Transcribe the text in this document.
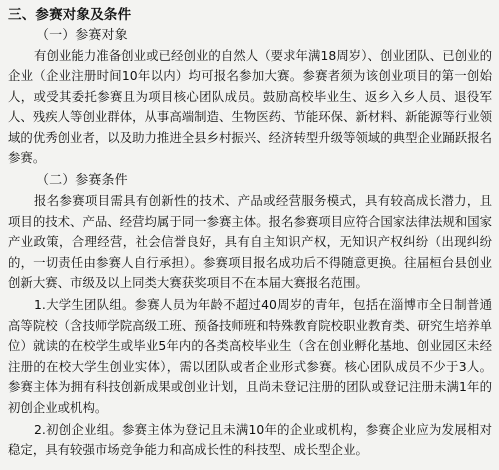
三、参赛对象及条件

（一）参赛对象

有创业能力准备创业或已经创业的自然人（要求年满18周岁）、创业团队、已创业的企业（企业注册时间10年以内）均可报名参加大赛。参赛者须为该创业项目的第一创始人，或受其委托参赛且为项目核心团队成员。鼓励高校毕业生、返乡入乡人员、退役军人、残疾人等创业群体，从事高端制造、生物医药、节能环保、新材料、新能源等行业领域的优秀创业者，以及助力推进全县乡村振兴、经济转型升级等领域的典型企业踊跃报名参赛。

（二）参赛条件

报名参赛项目需具有创新性的技术、产品或经营服务模式，具有较高成长潜力，且项目的技术、产品、经营均属于同一参赛主体。报名参赛项目应符合国家法律法规和国家产业政策，合理经营，社会信誉良好，具有自主知识产权，无知识产权纠纷（出现纠纷的，一切责任由参赛人自行承担）。参赛项目报名成功后不得随意更换。往届桓台县创业创新大赛、市级及以上同类大赛获奖项目不在本届大赛报名范围。

1.大学生团队组。参赛人员为年龄不超过40周岁的青年，包括在淄博市全日制普通高等院校（含技师学院高级工班、预备技师班和特殊教育院校职业教育类、研究生培养单位）就读的在校学生或毕业5年内的各类高校毕业生（含在创业孵化基地、创业园区未经注册的在校大学生创业实体），需以团队或者企业形式参赛。核心团队成员不少于3人。参赛主体为拥有科技创新成果或创业计划，且尚未登记注册的团队或登记注册未满1年的初创企业或机构。

2.初创企业组。参赛主体为登记且未满10年的企业或机构，参赛企业应为发展相对稳定，具有较强市场竞争能力和高成长性的科技型、成长型企业。
